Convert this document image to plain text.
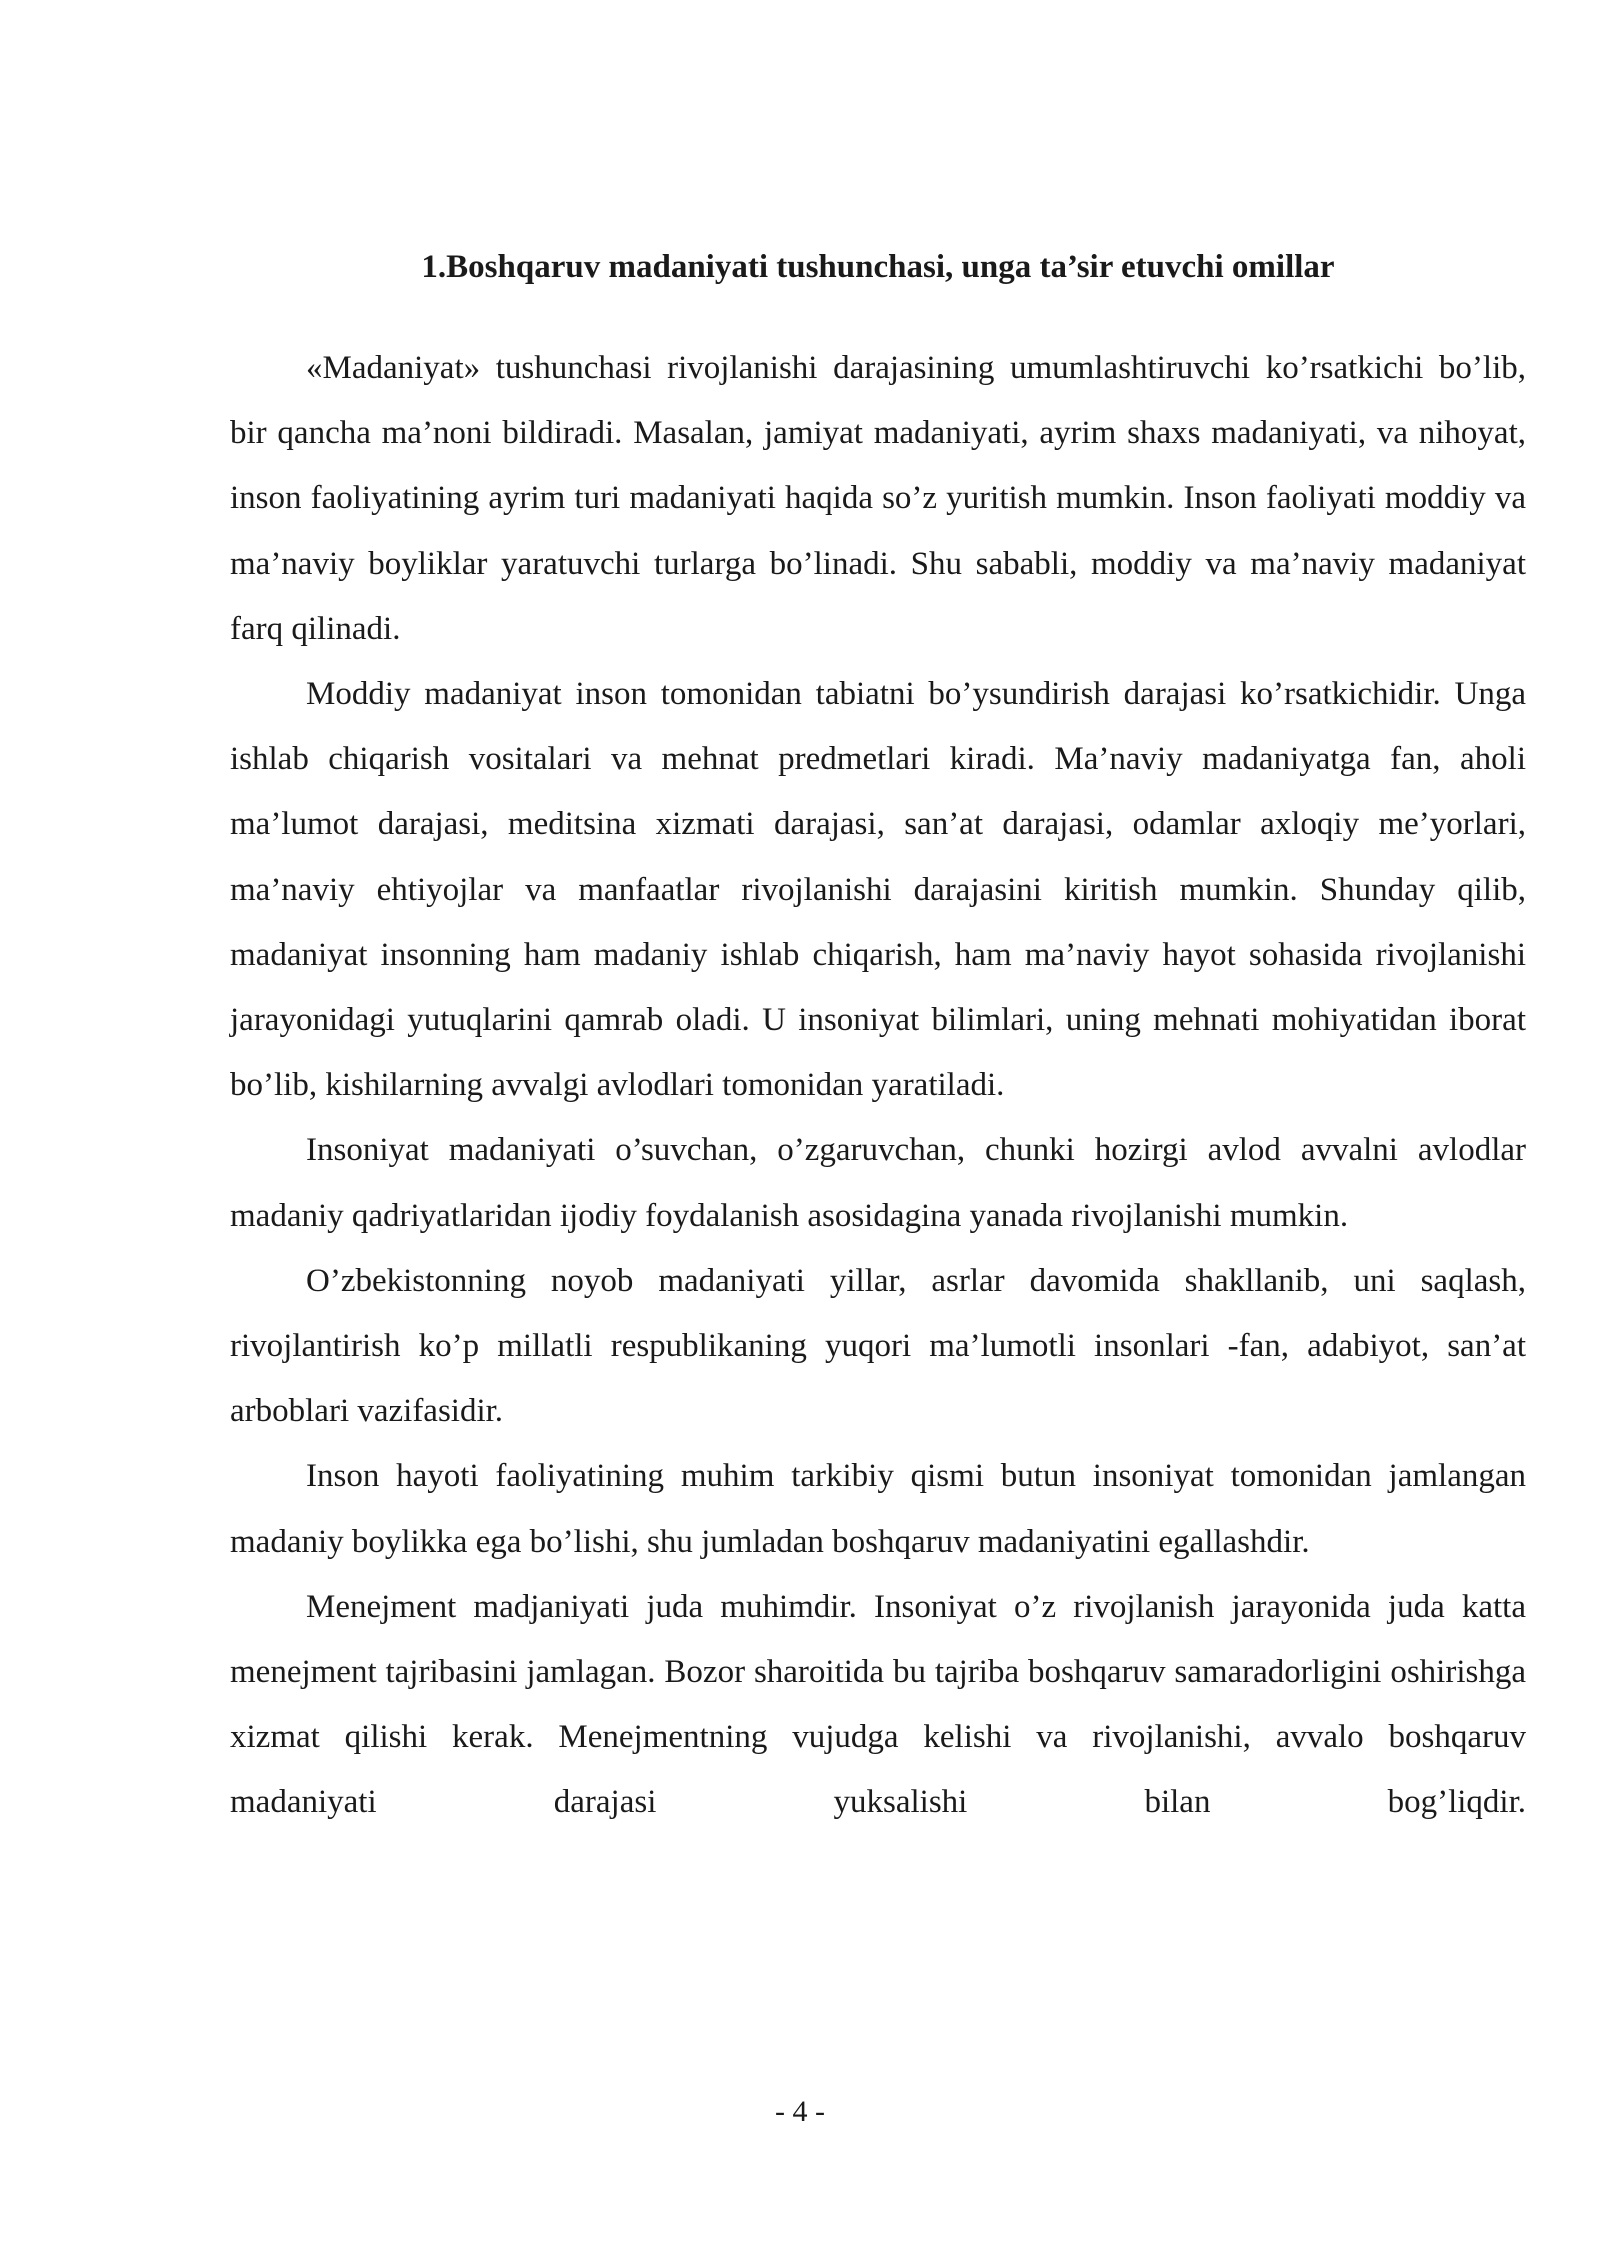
1.Boshqaruv madaniyati tushunchasi, unga ta’sir etuvchi omillar

«Madaniyat» tushunchasi rivojlanishi darajasining umumlashtiruvchi ko’rsatkichi bo’lib, bir qancha ma’noni bildiradi. Masalan, jamiyat madaniyati, ayrim shaxs madaniyati, va nihoyat, inson faoliyatining ayrim turi madaniyati haqida so’z yuritish mumkin. Inson faoliyati moddiy va ma’naviy boyliklar yaratuvchi turlarga bo’linadi. Shu sababli, moddiy va ma’naviy madaniyat farq qilinadi.

Moddiy madaniyat inson tomonidan tabiatni bo’ysundirish darajasi ko’rsatkichidir. Unga ishlab chiqarish vositalari va mehnat predmetlari kiradi. Ma’naviy madaniyatga fan, aholi ma’lumot darajasi, meditsina xizmati darajasi, san’at darajasi, odamlar axloqiy me’yorlari, ma’naviy ehtiyojlar va manfaatlar rivojlanishi darajasini kiritish mumkin. Shunday qilib, madaniyat insonning ham madaniy ishlab chiqarish, ham ma’naviy hayot sohasida rivojlanishi jarayonidagi yutuqlarini qamrab oladi. U insoniyat bilimlari, uning mehnati mohiyatidan iborat bo’lib, kishilarning avvalgi avlodlari tomonidan yaratiladi.

Insoniyat madaniyati o’suvchan, o’zgaruvchan, chunki hozirgi avlod avvalni avlodlar madaniy qadriyatlaridan ijodiy foydalanish asosidagina yanada rivojlanishi mumkin.

O’zbekistonning noyob madaniyati yillar, asrlar davomida shakllanib, uni saqlash, rivojlantirish ko’p millatli respublikaning yuqori ma’lumotli insonlari -fan, adabiyot, san’at arboblari vazifasidir.

Inson hayoti faoliyatining muhim tarkibiy qismi butun insoniyat tomonidan jamlangan madaniy boylikka ega bo’lishi, shu jumladan boshqaruv madaniyatini egallashdir.

Menejment madjaniyati juda muhimdir. Insoniyat o’z rivojlanish jarayonida juda katta menejment tajribasini jamlagan. Bozor sharoitida bu tajriba boshqaruv samaradorligini oshirishga xizmat qilishi kerak. Menejmentning vujudga kelishi va rivojlanishi, avvalo boshqaruv madaniyati darajasi yuksalishi bilan bog’liqdir.

- 4 -
